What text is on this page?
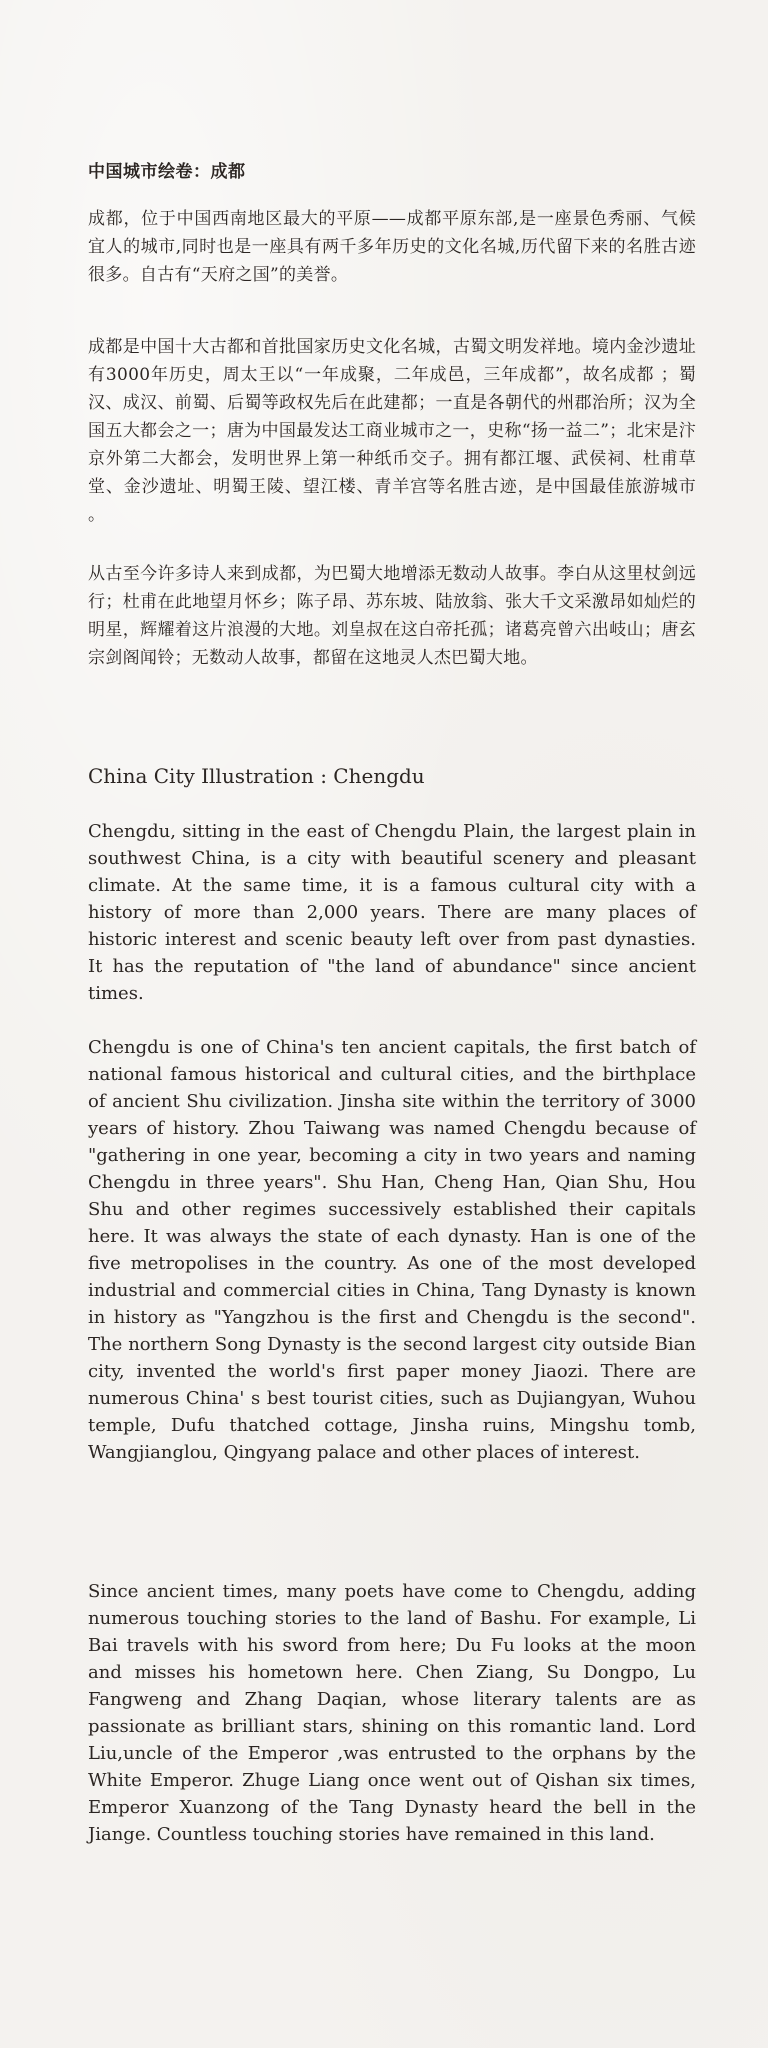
中国城市绘卷：成都

成都，位于中国西南地区最大的平原——成都平原东部,是一座景色秀丽、气候宜人的城市,同时也是一座具有两千多年历史的文化名城,历代留下来的名胜古迹很多。自古有“天府之国”的美誉。

成都是中国十大古都和首批国家历史文化名城，古蜀文明发祥地。境内金沙遗址有3000年历史，周太王以“一年成聚，二年成邑，三年成都”，故名成都 ；蜀汉、成汉、前蜀、后蜀等政权先后在此建都；一直是各朝代的州郡治所；汉为全国五大都会之一；唐为中国最发达工商业城市之一，史称“扬一益二”；北宋是汴京外第二大都会，发明世界上第一种纸币交子。拥有都江堰、武侯祠、杜甫草堂、金沙遗址、明蜀王陵、望江楼、青羊宫等名胜古迹，是中国最佳旅游城市 。

从古至今许多诗人来到成都，为巴蜀大地增添无数动人故事。李白从这里杖剑远行；杜甫在此地望月怀乡；陈子昂、苏东坡、陆放翁、张大千文采激昂如灿烂的明星，辉耀着这片浪漫的大地。刘皇叔在这白帝托孤；诸葛亮曾六出岐山；唐玄宗剑阁闻铃；无数动人故事，都留在这地灵人杰巴蜀大地。

China City Illustration : Chengdu

Chengdu, sitting in the east of Chengdu Plain, the largest plain in southwest China, is a city with beautiful scenery and pleasant climate. At the same time, it is a famous cultural city with a history of more than 2,000 years. There are many places of historic interest and scenic beauty left over from past dynasties. It has the reputation of "the land of abundance" since ancient times.

Chengdu is one of China's ten ancient capitals, the first batch of national famous historical and cultural cities, and the birthplace of ancient Shu civilization. Jinsha site within the territory of 3000 years of history. Zhou Taiwang was named Chengdu because of "gathering in one year, becoming a city in two years and naming Chengdu in three years". Shu Han, Cheng Han, Qian Shu, Hou Shu and other regimes successively established their capitals here. It was always the state of each dynasty. Han is one of the five metropolises in the country. As one of the most developed industrial and commercial cities in China, Tang Dynasty is known in history as "Yangzhou is the first and Chengdu is the second". The northern Song Dynasty is the second largest city outside Bian city, invented the world's first paper money Jiaozi. There are numerous China' s best tourist cities, such as Dujiangyan, Wuhou temple, Dufu thatched cottage, Jinsha ruins, Mingshu tomb, Wangjianglou, Qingyang palace and other places of interest.

Since ancient times, many poets have come to Chengdu, adding numerous touching stories to the land of Bashu. For example, Li Bai travels with his sword from here; Du Fu looks at the moon and misses his hometown here. Chen Ziang, Su Dongpo, Lu Fangweng and Zhang Daqian, whose literary talents are as passionate as brilliant stars, shining on this romantic land. Lord Liu,uncle of the Emperor ,was entrusted to the orphans by the White Emperor. Zhuge Liang once went out of Qishan six times, Emperor Xuanzong of the Tang Dynasty heard the bell in the Jiange. Countless touching stories have remained in this land.
